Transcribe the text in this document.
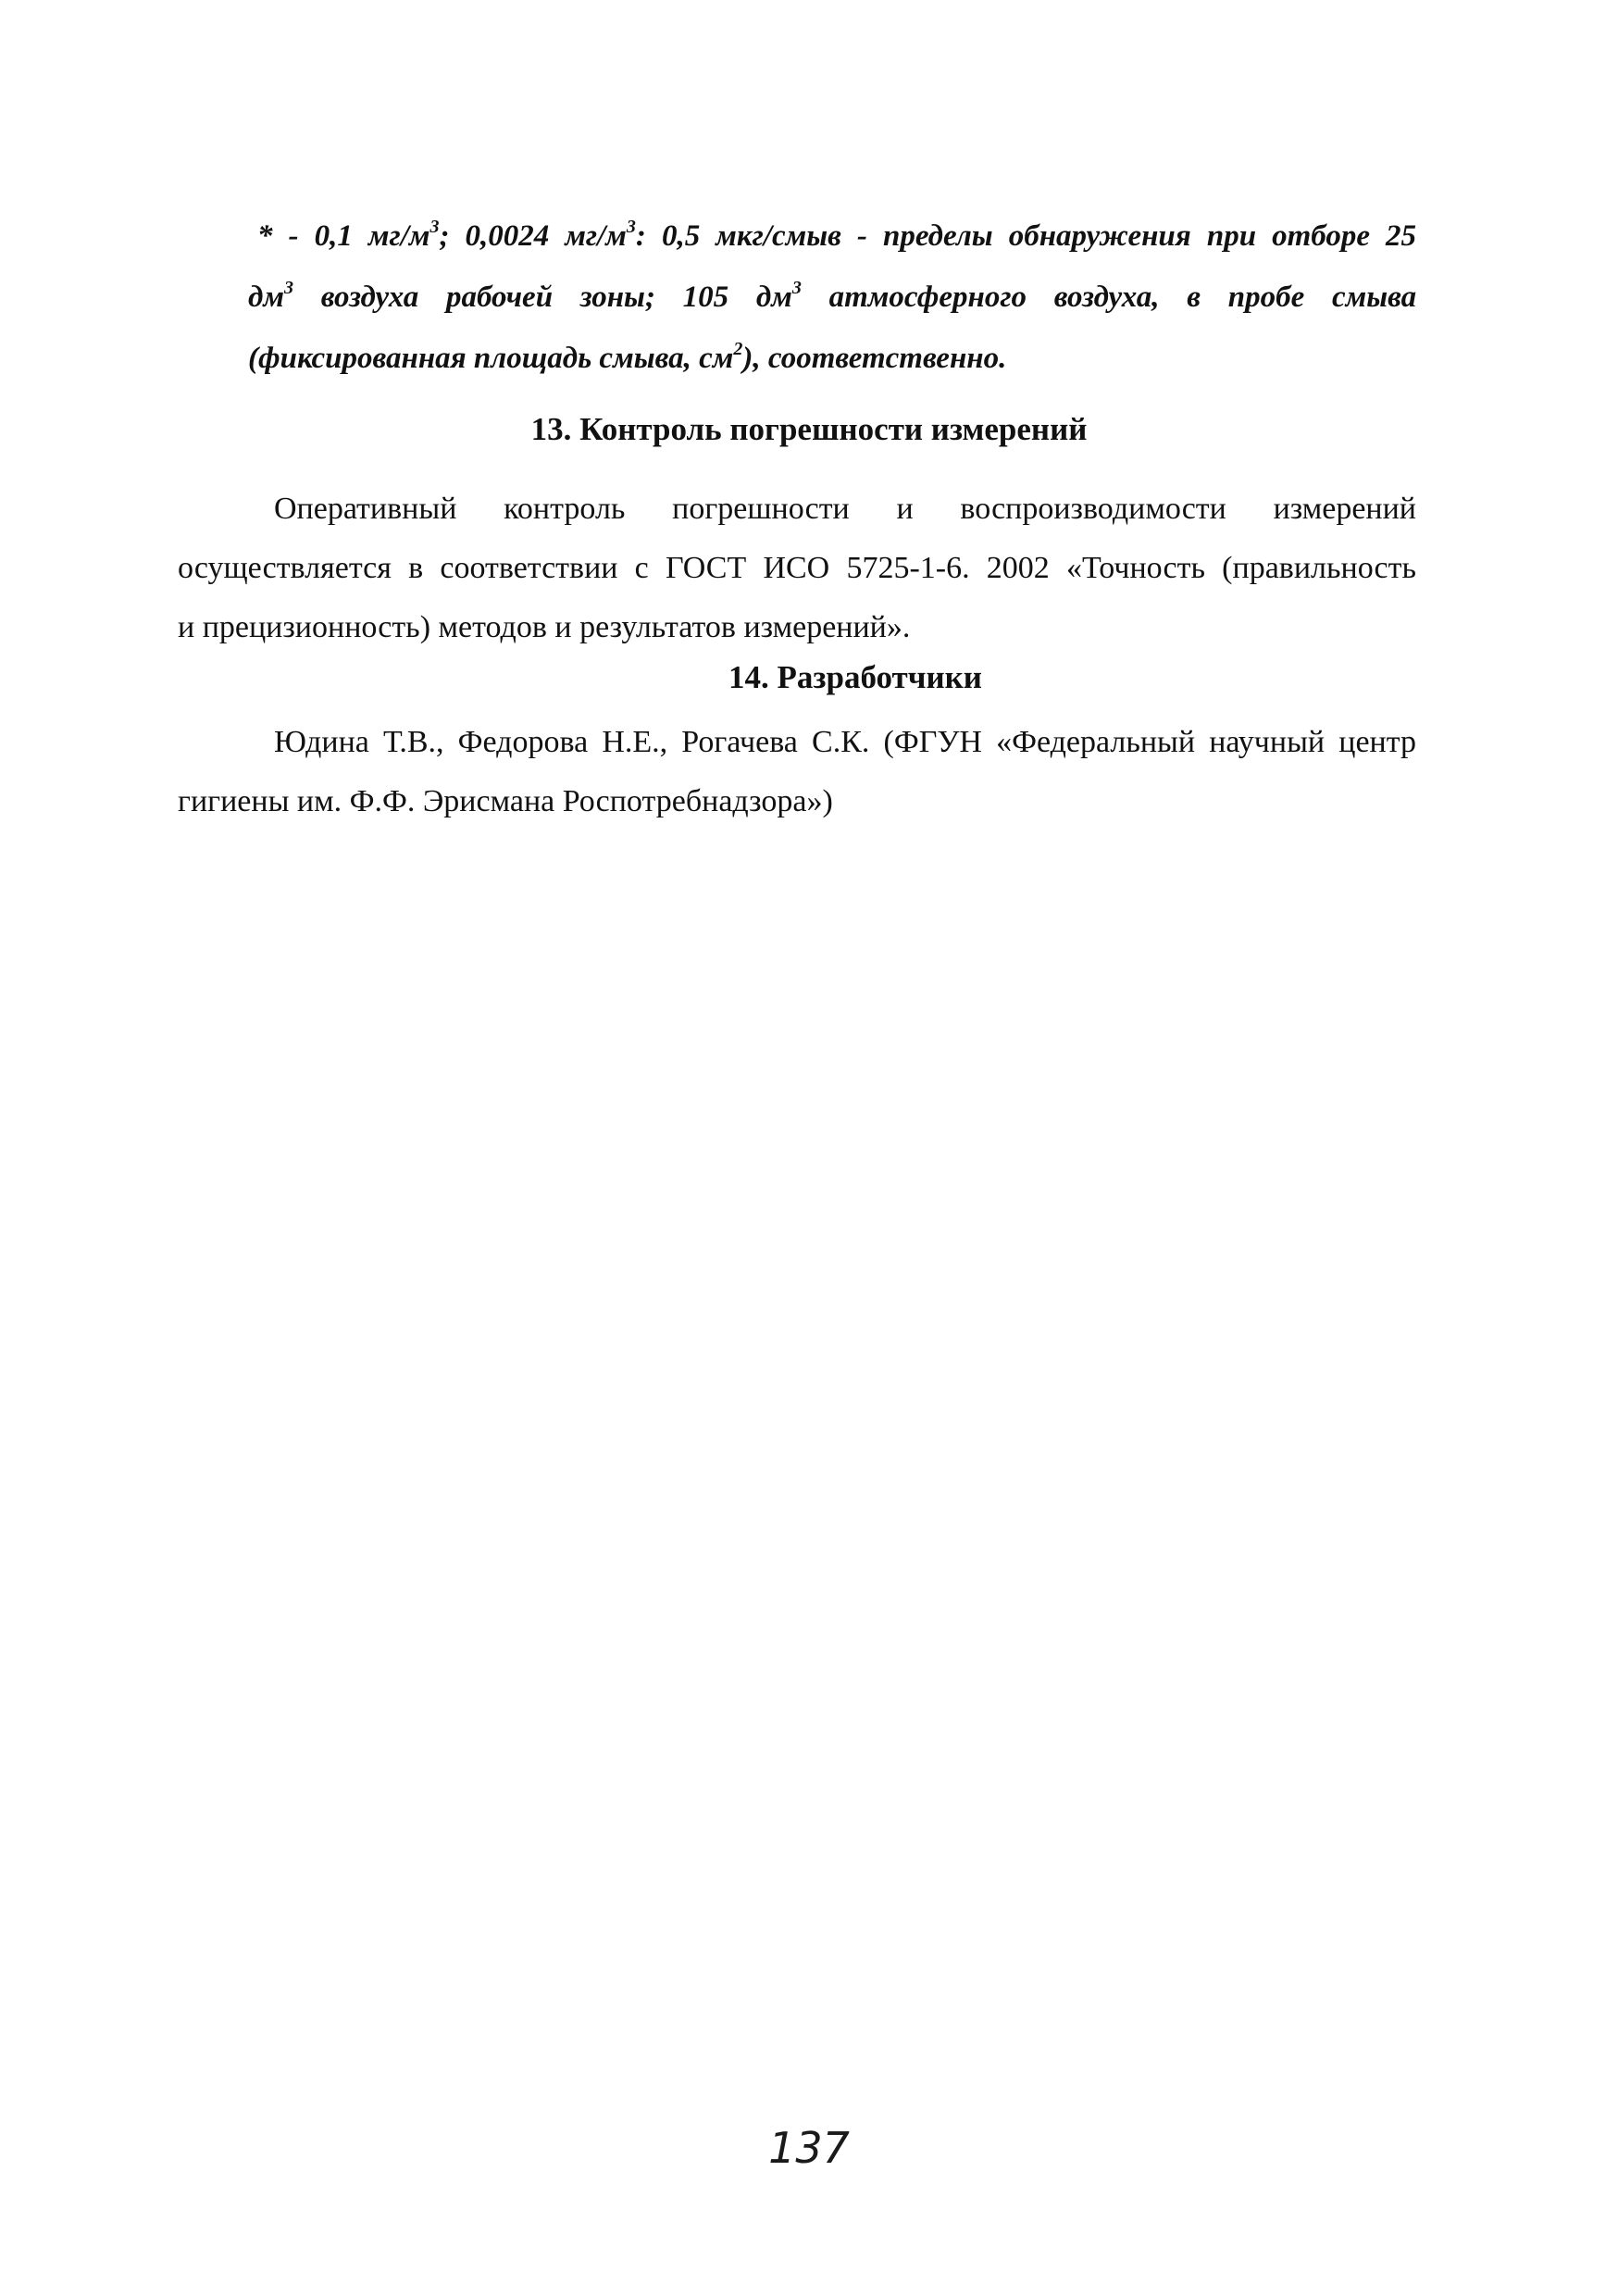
* - 0,1 $мг/м^3$; 0,0024 $мг/м^3$: 0,5 мкг/смыв - пределы обнаружения при отборе 25
$дм^3$ воздуха рабочей зоны; 105 $дм^3$ атмосферного воздуха, в пробе смыва
(фиксированная площадь смыва, $см^2$), соответственно.
13. Контроль погрешности измерений
Оперативный контроль погрешности и воспроизводимости измерений
осуществляется в соответствии с ГОСТ ИСО 5725-1-6. 2002 «Точность (правильность
и прецизионность) методов и результатов измерений».
14. Разработчики
Юдина Т.В., Федорова Н.Е., Рогачева С.К. (ФГУН «Федеральный научный центр
гигиены им. Ф.Ф. Эрисмана Роспотребнадзора»)
137
